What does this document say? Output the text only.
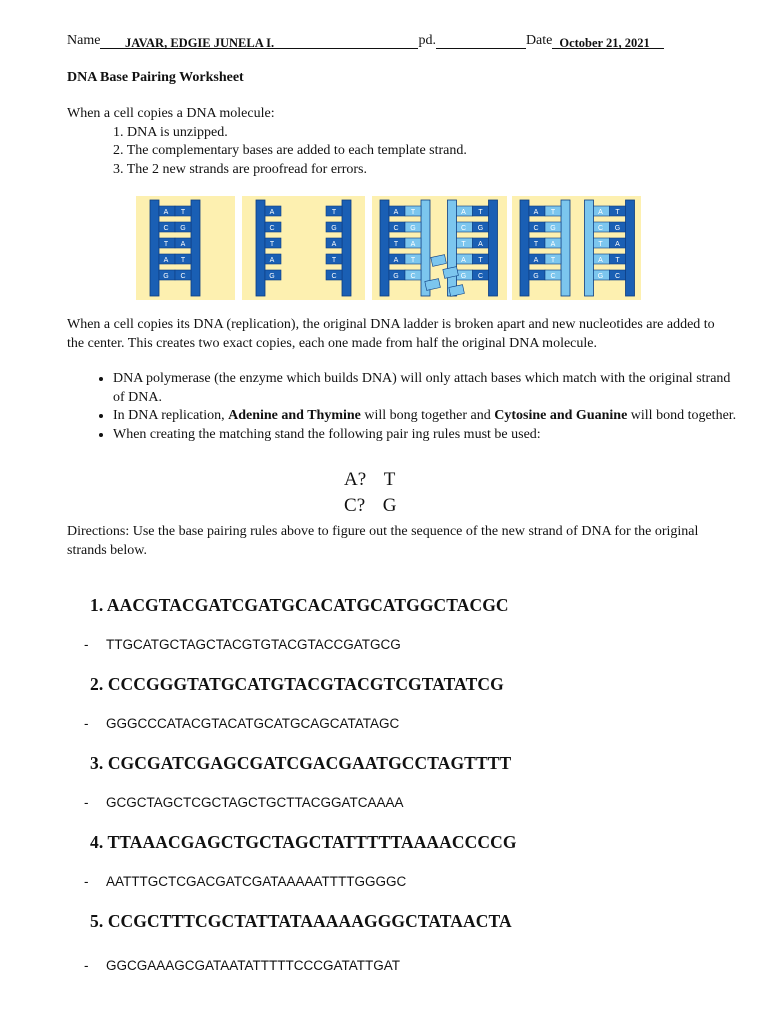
Name JAVAR, EDGIE JUNELA I.	pd.	Date October 21, 2021
DNA Base Pairing Worksheet
When a cell copies a DNA molecule:
1. DNA is unzipped.
2. The complementary bases are added to each template strand.
3. The 2 new strands are proofread for errors.
A T
C G
T A
A T
G C
A	T
C	G
T	A
A	T
G	C
A T
C G
T A
A T
G C
A T
C G
T A
A T
G C
A T
C G
T A
A T
G C
A T
C G
T A
A T
G C
When a cell copies its DNA (replication), the original DNA ladder is broken apart and new nucleotides are added to the center. This creates two exact copies, each one made from half the original DNA molecule.
• DNA polymerase (the enzyme which builds DNA) will only attach bases which match with the original strand of DNA.
• In DNA replication, Adenine and Thymine will bong together and Cytosine and Guanine will bond together.
• When creating the matching stand the following pair ing rules must be used:
A? T
C? G
Directions: Use the base pairing rules above to figure out the sequence of the new strand of DNA for the original strands below.
1. AACGTACGATCGATGCACATGCATGGCTACGC
- TTGCATGCTAGCTACGTGTACGTACCGATGCG
2. CCCGGGTATGCATGTACGTACGTCGTATATCG
- GGGCCCATACGTACATGCATGCAGCATATAGC
3. CGCGATCGAGCGATCGACGAATGCCTAGTTTT
- GCGCTAGCTCGCTAGCTGCTTACGGATCAAAA
4. TTAAACGAGCTGCTAGCTATTTTTAAAACCCCG
- AATTTGCTCGACGATCGATAAAAATTTTGGGGC
5. CCGCTTTCGCTATTATAAAAAGGGCTATAACTA
- GGCGAAAGCGATAATATTTTTCCCGATATTGAT
